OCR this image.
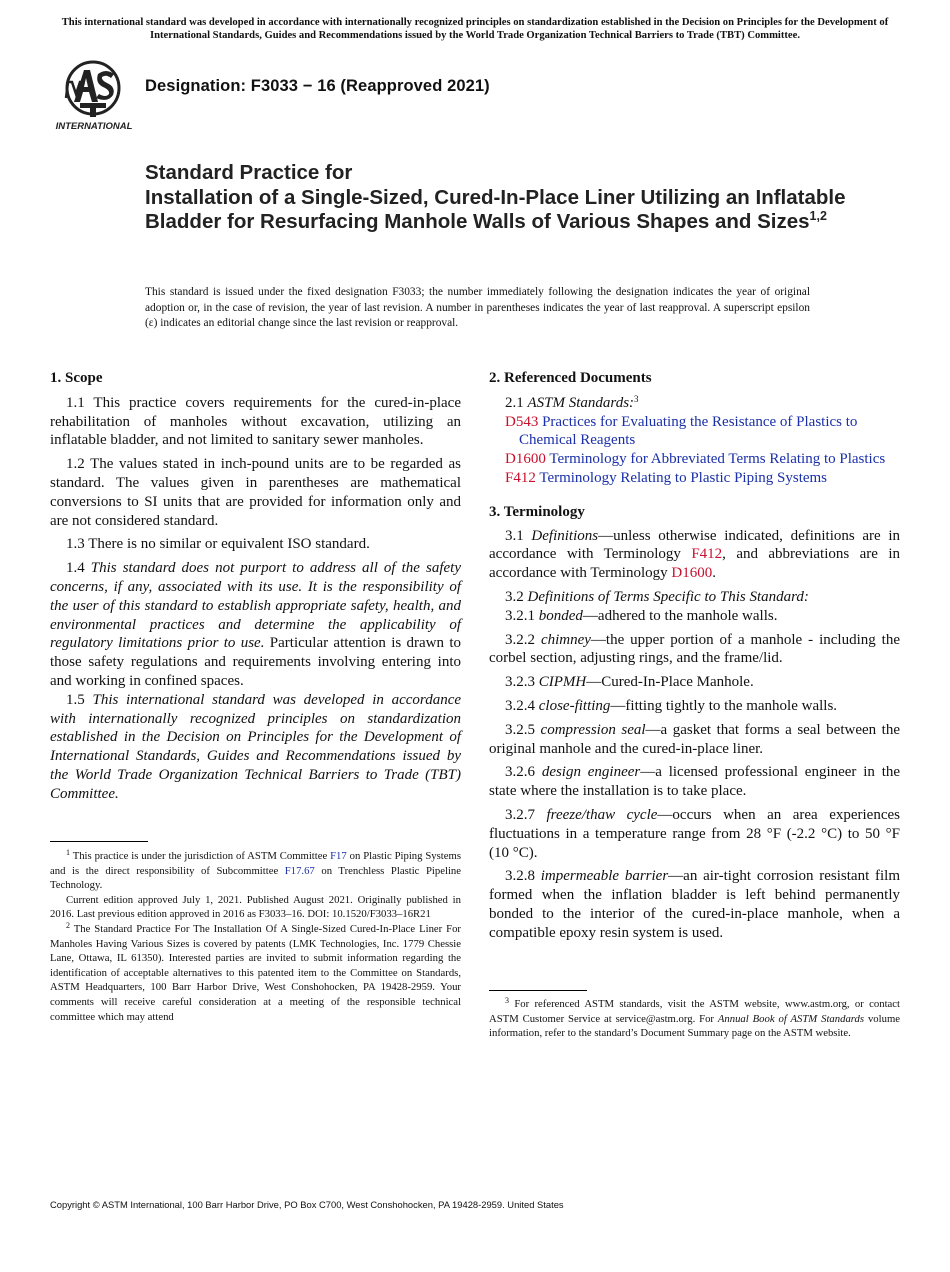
This international standard was developed in accordance with internationally recognized principles on standardization established in the Decision on Principles for the Development of International Standards, Guides and Recommendations issued by the World Trade Organization Technical Barriers to Trade (TBT) Committee.
INTERNATIONAL
Designation: F3033 − 16 (Reapproved 2021)
Standard Practice for
Installation of a Single-Sized, Cured-In-Place Liner Utilizing an Inflatable Bladder for Resurfacing Manhole Walls of Various Shapes and Sizes$^{1,2}$
This standard is issued under the fixed designation F3033; the number immediately following the designation indicates the year of original adoption or, in the case of revision, the year of last revision. A number in parentheses indicates the year of last reapproval. A superscript epsilon (ε) indicates an editorial change since the last revision or reapproval.

1. Scope

1.1 This practice covers requirements for the cured-in-place rehabilitation of manholes without excavation, utilizing an inflatable bladder, and not limited to sanitary sewer manholes.

1.2 The values stated in inch-pound units are to be regarded as standard. The values given in parentheses are mathematical conversions to SI units that are provided for information only and are not considered standard.

1.3 There is no similar or equivalent ISO standard.

1.4 This standard does not purport to address all of the safety concerns, if any, associated with its use. It is the responsibility of the user of this standard to establish appropriate safety, health, and environmental practices and determine the applicability of regulatory limitations prior to use. Particular attention is drawn to those safety regulations and requirements involving entering into and working in confined spaces.

1.5 This international standard was developed in accordance with internationally recognized principles on standardization established in the Decision on Principles for the Development of International Standards, Guides and Recommendations issued by the World Trade Organization Technical Barriers to Trade (TBT) Committee.

$^1$ This practice is under the jurisdiction of ASTM Committee F17 on Plastic Piping Systems and is the direct responsibility of Subcommittee F17.67 on Trenchless Plastic Pipeline Technology.

Current edition approved July 1, 2021. Published August 2021. Originally published in 2016. Last previous edition approved in 2016 as F3033–16. DOI: 10.1520/F3033–16R21

$^2$ The Standard Practice For The Installation Of A Single-Sized Cured-In-Place Liner For Manholes Having Various Sizes is covered by patents (LMK Technologies, Inc. 1779 Chessie Lane, Ottawa, IL 61350). Interested parties are invited to submit information regarding the identification of acceptable alternatives to this patented item to the Committee on Standards, ASTM Headquarters, 100 Barr Harbor Drive, West Conshohocken, PA 19428-2959. Your comments will receive careful consideration at a meeting of the responsible technical committee which may attend

2. Referenced Documents

2.1 ASTM Standards:$^3$

D543 Practices for Evaluating the Resistance of Plastics to Chemical Reagents

D1600 Terminology for Abbreviated Terms Relating to Plastics

F412 Terminology Relating to Plastic Piping Systems

3. Terminology

3.1 Definitions—unless otherwise indicated, definitions are in accordance with Terminology F412, and abbreviations are in accordance with Terminology D1600.

3.2 Definitions of Terms Specific to This Standard:

3.2.1 bonded—adhered to the manhole walls.

3.2.2 chimney—the upper portion of a manhole - including the corbel section, adjusting rings, and the frame/lid.

3.2.3 CIPMH—Cured-In-Place Manhole.

3.2.4 close-fitting—fitting tightly to the manhole walls.

3.2.5 compression seal—a gasket that forms a seal between the original manhole and the cured-in-place liner.

3.2.6 design engineer—a licensed professional engineer in the state where the installation is to take place.

3.2.7 freeze/thaw cycle—occurs when an area experiences fluctuations in a temperature range from 28 °F (-2.2 °C) to 50 °F (10 °C).

3.2.8 impermeable barrier—an air-tight corrosion resistant film formed when the inflation bladder is left behind permanently bonded to the interior of the cured-in-place manhole, when a compatible epoxy resin system is used.

$^3$ For referenced ASTM standards, visit the ASTM website, www.astm.org, or contact ASTM Customer Service at service@astm.org. For Annual Book of ASTM Standards volume information, refer to the standard’s Document Summary page on the ASTM website.

Copyright © ASTM International, 100 Barr Harbor Drive, PO Box C700, West Conshohocken, PA 19428-2959. United States
